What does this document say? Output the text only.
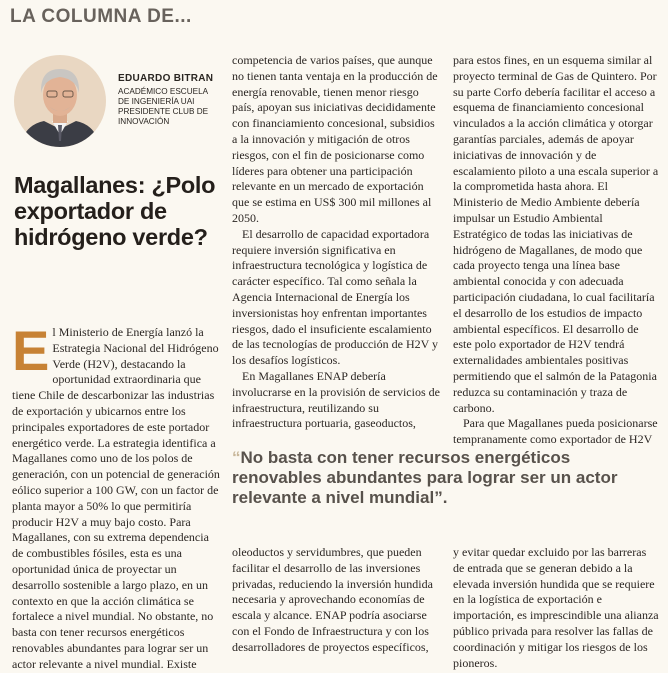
LA COLUMNA DE...
EDUARDO BITRAN
ACADÉMICO ESCUELA
DE INGENIERÍA UAI
PRESIDENTE CLUB DE
INNOVACIÓN
Magallanes: ¿Polo
exportador de
hidrógeno verde?

El Ministerio de Energía lanzó la Estrategia Nacional del Hidrógeno Verde (H2V), destacando la oportunidad extraordinaria que tiene Chile de descarbonizar las industrias de exportación y ubicarnos entre los principales exportadores de este portador energético verde. La estrategia identifica a Magallanes como uno de los polos de generación, con un potencial de generación eólico superior a 100 GW, con un factor de planta mayor a 50% lo que permitiría producir H2V a muy bajo costo. Para Magallanes, con su extrema dependencia de combustibles fósiles, esta es una oportunidad única de proyectar un desarrollo sostenible a largo plazo, en un contexto en que la acción climática se fortalece a nivel mundial. No obstante, no basta con tener recursos energéticos renovables abundantes para lograr ser un actor relevante a nivel mundial. Existe

competencia de varios países, que aunque no tienen tanta ventaja en la producción de energía renovable, tienen menor riesgo país, apoyan sus iniciativas decididamente con financiamiento concesional, subsidios a la innovación y mitigación de otros riesgos, con el fin de posicionarse como líderes para obtener una participación relevante en un mercado de exportación que se estima en US$ 300 mil millones al 2050.

El desarrollo de capacidad exportadora requiere inversión significativa en infraestructura tecnológica y logística de carácter específico. Tal como señala la Agencia Internacional de Energía los inversionistas hoy enfrentan importantes riesgos, dado el insuficiente escalamiento de las tecnologías de producción de H2V y los desafíos logísticos.

En Magallanes ENAP debería involucrarse en la provisión de servicios de infraestructura, reutilizando su infraestructura portuaria, gaseoductos,

para estos fines, en un esquema similar al proyecto terminal de Gas de Quintero. Por su parte Corfo debería facilitar el acceso a esquema de financiamiento concesional vinculados a la acción climática y otorgar garantías parciales, además de apoyar iniciativas de innovación y de escalamiento piloto a una escala superior a la comprometida hasta ahora. El Ministerio de Medio Ambiente debería impulsar un Estudio Ambiental Estratégico de todas las iniciativas de hidrógeno de Magallanes, de modo que cada proyecto tenga una línea base ambiental conocida y con adecuada participación ciudadana, lo cual facilitaría el desarrollo de los estudios de impacto ambiental específicos. El desarrollo de este polo exportador de H2V tendrá externalidades ambientales positivas permitiendo que el salmón de la Patagonia reduzca su contaminación y traza de carbono.

Para que Magallanes pueda posicionarse tempranamente como exportador de H2V

“No basta con tener recursos energéticos renovables abundantes para lograr ser un actor relevante a nivel mundial”.

oleoductos y servidumbres, que pueden facilitar el desarrollo de las inversiones privadas, reduciendo la inversión hundida necesaria y aprovechando economías de escala y alcance. ENAP podría asociarse con el Fondo de Infraestructura y con los desarrolladores de proyectos específicos,

y evitar quedar excluido por las barreras de entrada que se generan debido a la elevada inversión hundida que se requiere en la logística de exportación e importación, es imprescindible una alianza público privada para resolver las fallas de coordinación y mitigar los riesgos de los pioneros.
